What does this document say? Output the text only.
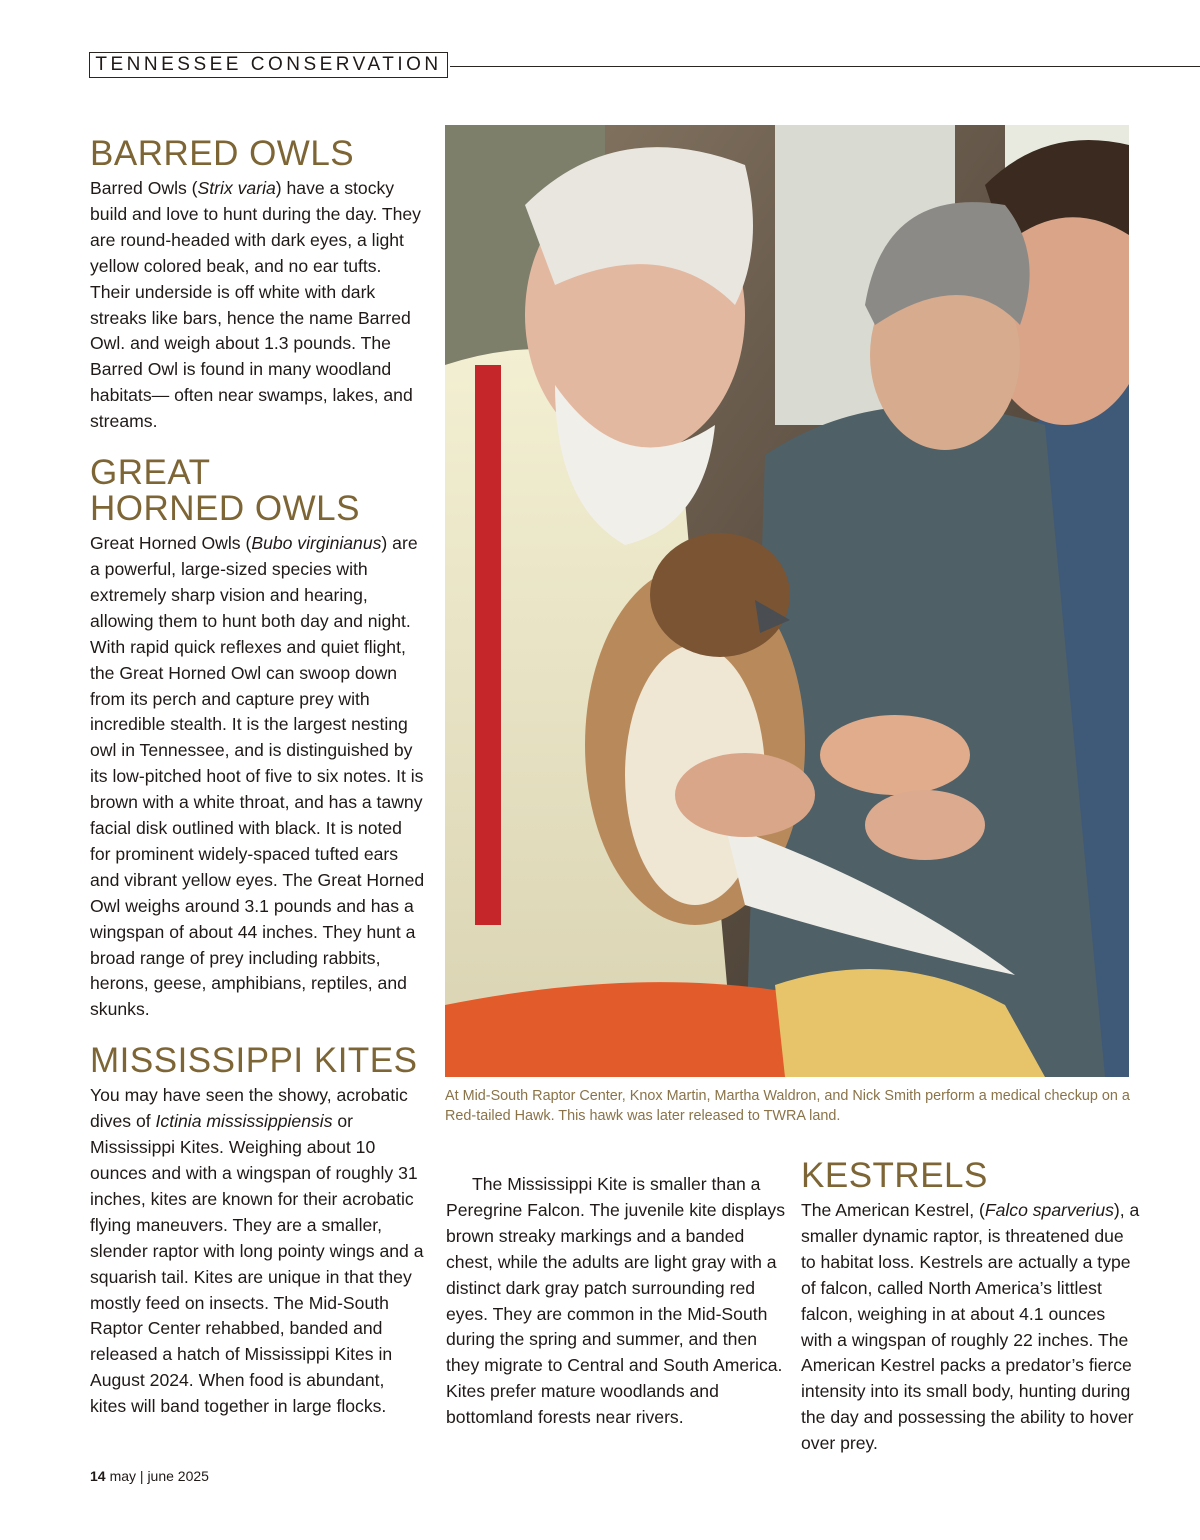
TENNESSEE CONSERVATION
BARRED OWLS

Barred Owls (Strix varia) have a stocky build and love to hunt during the day. They are round-headed with dark eyes, a light yellow colored beak, and no ear tufts. Their underside is off white with dark streaks like bars, hence the name Barred Owl. and weigh about 1.3 pounds. The Barred Owl is found in many woodland habitats— often near swamps, lakes, and streams.

GREAT
HORNED OWLS

Great Horned Owls (Bubo virginianus) are a powerful, large-sized species with extremely sharp vision and hearing, allowing them to hunt both day and night. With rapid quick reflexes and quiet flight, the Great Horned Owl can swoop down from its perch and capture prey with incredible stealth. It is the largest nesting owl in Tennessee, and is distinguished by its low-pitched hoot of five to six notes. It is brown with a white throat, and has a tawny facial disk outlined with black. It is noted for prominent widely-spaced tufted ears and vibrant yellow eyes. The Great Horned Owl weighs around 3.1 pounds and has a wingspan of about 44 inches. They hunt a broad range of prey including rabbits, herons, geese, amphibians, reptiles, and skunks.

MISSISSIPPI KITES

You may have seen the showy, acrobatic dives of Ictinia mississippiensis or Mississippi Kites. Weighing about 10 ounces and with a wingspan of roughly 31 inches, kites are known for their acrobatic flying maneuvers. They are a smaller, slender raptor with long pointy wings and a squarish tail. Kites are unique in that they mostly feed on insects. The Mid-South Raptor Center rehabbed, banded and released a hatch of Mississippi Kites in August 2024. When food is abundant, kites will band together in large flocks.

At Mid-South Raptor Center, Knox Martin, Martha Waldron, and Nick Smith perform a medical checkup on a Red-tailed Hawk. This hawk was later released to TWRA land.

The Mississippi Kite is smaller than a Peregrine Falcon. The juvenile kite displays brown streaky markings and a banded chest, while the adults are light gray with a distinct dark gray patch surrounding red eyes. They are common in the Mid-South during the spring and summer, and then they migrate to Central and South America. Kites prefer mature woodlands and bottomland forests near rivers.

KESTRELS

The American Kestrel, (Falco sparverius), a smaller dynamic raptor, is threatened due to habitat loss. Kestrels are actually a type of falcon, called North America’s littlest falcon, weighing in at about 4.1 ounces with a wingspan of roughly 22 inches. The American Kestrel packs a predator’s fierce intensity into its small body, hunting during the day and possessing the ability to hover over prey.

14 may | june 2025
